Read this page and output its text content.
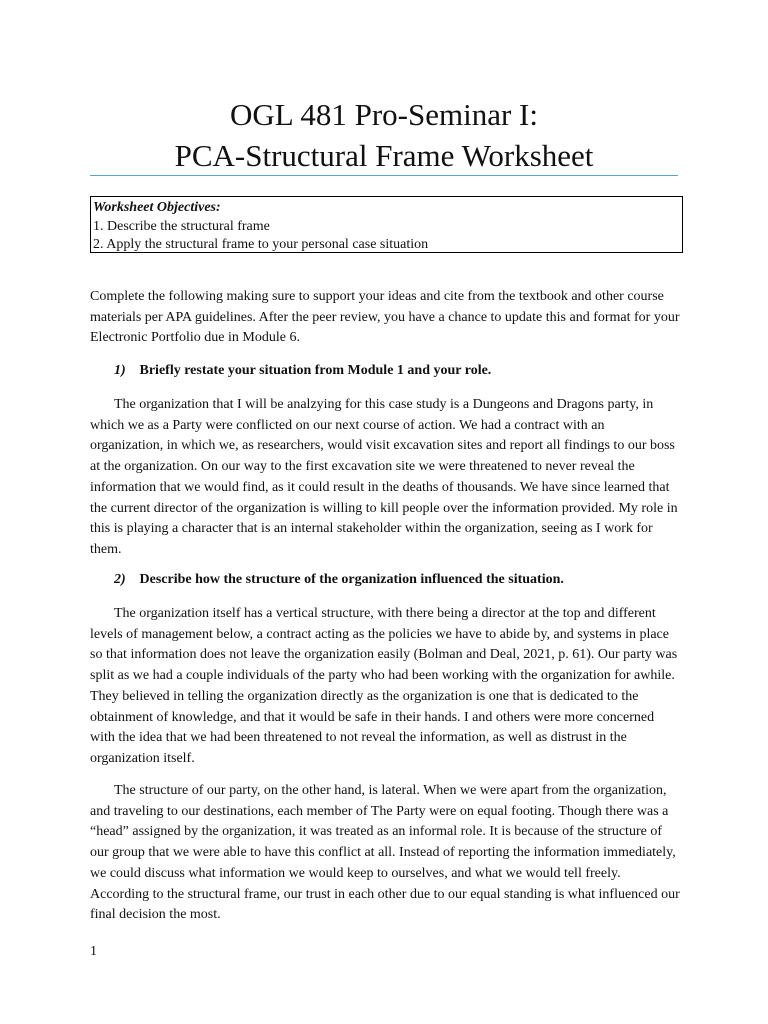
OGL 481 Pro-Seminar I:
PCA-Structural Frame Worksheet
Worksheet Objectives:
1. Describe the structural frame
2. Apply the structural frame to your personal case situation

Complete the following making sure to support your ideas and cite from the textbook and other course materials per APA guidelines. After the peer review, you have a chance to update this and format for your Electronic Portfolio due in Module 6.

1) Briefly restate your situation from Module 1 and your role.

The organization that I will be analzying for this case study is a Dungeons and Dragons party, in which we as a Party were conflicted on our next course of action. We had a contract with an organization, in which we, as researchers, would visit excavation sites and report all findings to our boss at the organization. On our way to the first excavation site we were threatened to never reveal the information that we would find, as it could result in the deaths of thousands. We have since learned that the current director of the organization is willing to kill people over the information provided. My role in this is playing a character that is an internal stakeholder within the organization, seeing as I work for them.

2) Describe how the structure of the organization influenced the situation.

The organization itself has a vertical structure, with there being a director at the top and different levels of management below, a contract acting as the policies we have to abide by, and systems in place so that information does not leave the organization easily (Bolman and Deal, 2021, p. 61). Our party was split as we had a couple individuals of the party who had been working with the organization for awhile. They believed in telling the organization directly as the organization is one that is dedicated to the obtainment of knowledge, and that it would be safe in their hands. I and others were more concerned with the idea that we had been threatened to not reveal the information, as well as distrust in the organization itself.

The structure of our party, on the other hand, is lateral. When we were apart from the organization, and traveling to our destinations, each member of The Party were on equal footing. Though there was a “head” assigned by the organization, it was treated as an informal role. It is because of the structure of our group that we were able to have this conflict at all. Instead of reporting the information immediately, we could discuss what information we would keep to ourselves, and what we would tell freely. According to the structural frame, our trust in each other due to our equal standing is what influenced our final decision the most.

1
